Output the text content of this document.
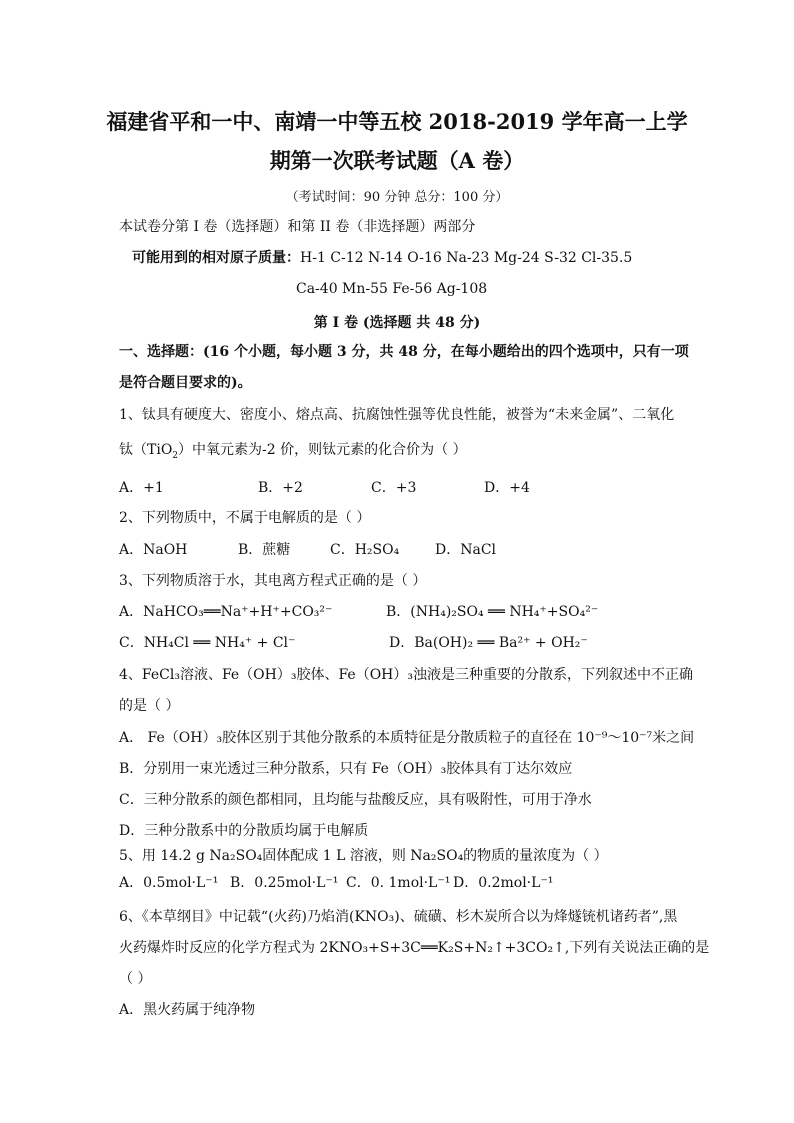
福建省平和一中、南靖一中等五校 2018-2019 学年高一上学
期第一次联考试题（A 卷）
（考试时间：90 分钟 总分：100 分）
本试卷分第 I 卷（选择题）和第 II 卷（非选择题）两部分
可能用到的相对原子质量：H-1 C-12 N-14 O-16 Na-23 Mg-24 S-32 Cl-35.5
Ca-40 Mn-55 Fe-56 Ag-108
第 I 卷 (选择题 共 48 分)
一、选择题：(16 个小题，每小题 3 分，共 48 分，在每小题给出的四个选项中，只有一项
是符合题目要求的)。
1、钛具有硬度大、密度小、熔点高、抗腐蚀性强等优良性能，被誉为“未来金属”、二氧化
钛（TiO$_2$）中氧元素为-2 价，则钛元素的化合价为（ ）
A．+1	B．+2	C．+3	D．+4
2、下列物质中，不属于电解质的是（ ）
A．NaOH	B．蔗糖	C．H₂SO₄	D．NaCl
3、下列物质溶于水，其电离方程式正确的是（ ）
A．NaHCO₃══Na⁺+H⁺+CO₃²⁻	B．(NH₄)₂SO₄ ══ NH₄⁺+SO₄²⁻
C．NH₄Cl ══ NH₄⁺ + Cl⁻	D．Ba(OH)₂ ══ Ba²⁺ + OH₂⁻
4、FeCl₃溶液、Fe（OH）₃胶体、Fe（OH）₃浊液是三种重要的分散系，下列叙述中不正确
的是（ ）
A． Fe（OH）₃胶体区别于其他分散系的本质特征是分散质粒子的直径在 10⁻⁹～10⁻⁷米之间
B．分别用一束光透过三种分散系，只有 Fe（OH）₃胶体具有丁达尔效应
C．三种分散系的颜色都相同，且均能与盐酸反应，具有吸附性，可用于净水
D．三种分散系中的分散质均属于电解质
5、用 14.2 g Na₂SO₄固体配成 1 L 溶液，则 Na₂SO₄的物质的量浓度为（ ）
A．0.5mol·L⁻¹ B．0.25mol·L⁻¹ C．0. 1mol·L⁻¹ D．0.2mol·L⁻¹
6、《本草纲目》中记载“(火药)乃焰消(KNO₃)、硫磺、杉木炭所合以为烽燧铳机诸药者”,黑
火药爆炸时反应的化学方程式为 2KNO₃+S+3C══K₂S+N₂↑+3CO₂↑,下列有关说法正确的是
（ ）
A．黑火药属于纯净物
